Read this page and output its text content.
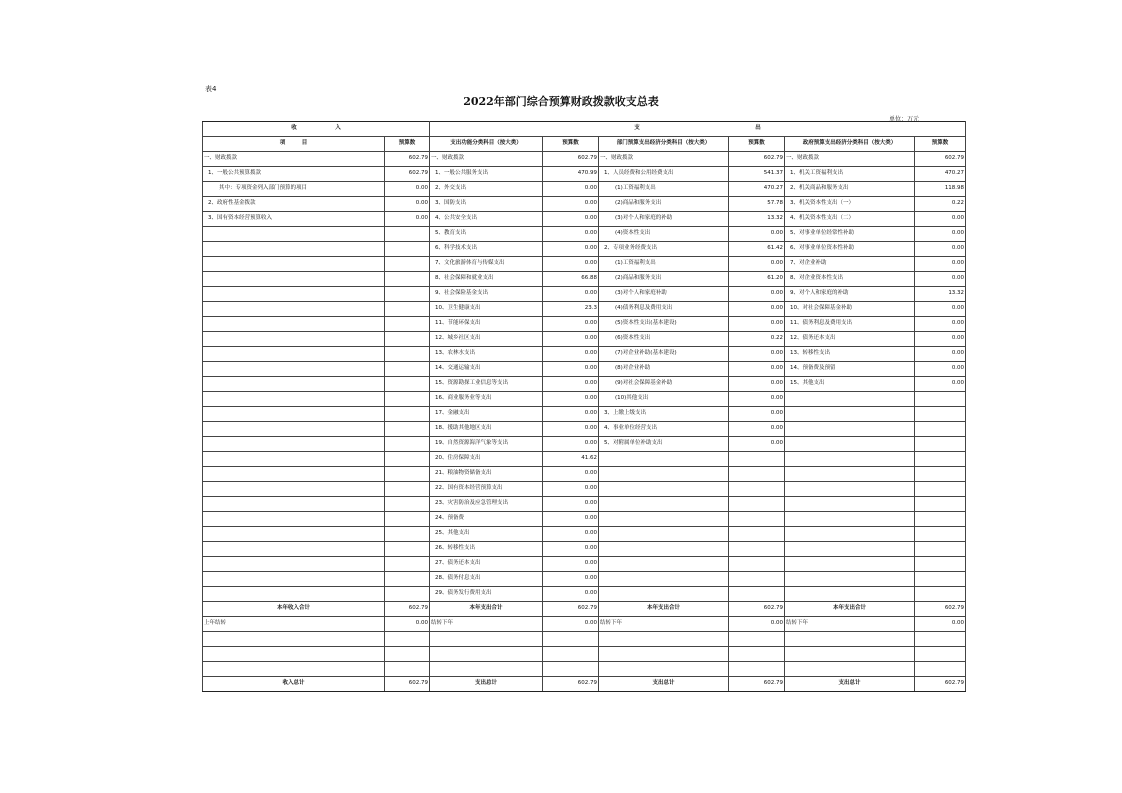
表4
2022年部门综合预算财政拨款收支总表
单位：万元
收　　　　　　　入		支　　　　　　　　　　　　　　　　　　　　　出					
项　　　目	预算数	支出功能分类科目（按大类）	预算数	部门预算支出经济分类科目（按大类）	预算数	政府预算支出经济分类科目（按大类）	预算数
一、财政拨款	602.79	一、财政拨款	602.79	一、财政拨款	602.79	一、财政拨款	602.79
1、一般公共预算拨款	602.79	1、一般公共服务支出	470.99	1、人员经费和公用经费支出	541.37	1、机关工资福利支出	470.27
其中：专项资金列入部门预算的项目	0.00	2、外交支出	0.00	(1)工资福利支出	470.27	2、机关商品和服务支出	118.98
2、政府性基金拨款	0.00	3、国防支出	0.00	(2)商品和服务支出	57.78	3、机关资本性支出（一）	0.22
3、国有资本经营预算收入	0.00	4、公共安全支出	0.00	(3)对个人和家庭的补助	13.32	4、机关资本性支出（二）	0.00
		5、教育支出	0.00	(4)资本性支出	0.00	5、对事业单位经常性补助	0.00
		6、科学技术支出	0.00	2、专项业务经费支出	61.42	6、对事业单位资本性补助	0.00
		7、文化旅游体育与传媒支出	0.00	(1)工资福利支出	0.00	7、对企业补助	0.00
		8、社会保障和就业支出	66.88	(2)商品和服务支出	61.20	8、对企业资本性支出	0.00
		9、社会保险基金支出	0.00	(3)对个人和家庭补助	0.00	9、对个人和家庭的补助	13.32
		10、卫生健康支出	23.3	(4)债务利息及费用支出	0.00	10、对社会保障基金补助	0.00
		11、节能环保支出	0.00	(5)资本性支出(基本建设)	0.00	11、债务利息及费用支出	0.00
		12、城乡社区支出	0.00	(6)资本性支出	0.22	12、债务还本支出	0.00
		13、农林水支出	0.00	(7)对企业补助(基本建设)	0.00	13、转移性支出	0.00
		14、交通运输支出	0.00	(8)对企业补助	0.00	14、预备费及预留	0.00
		15、资源勘探工业信息等支出	0.00	(9)对社会保障基金补助	0.00	15、其他支出	0.00
		16、商业服务业等支出	0.00	(10)其他支出	0.00		
		17、金融支出	0.00	3、上缴上级支出	0.00		
		18、援助其他地区支出	0.00	4、事业单位经营支出	0.00		
		19、自然资源海洋气象等支出	0.00	5、对附属单位补助支出	0.00		
		20、住房保障支出	41.62				
		21、粮油物资储备支出	0.00				
		22、国有资本经营预算支出	0.00				
		23、灾害防治及应急管理支出	0.00				
		24、预备费	0.00				
		25、其他支出	0.00				
		26、转移性支出	0.00				
		27、债务还本支出	0.00				
		28、债务付息支出	0.00				
		29、债务发行费用支出	0.00				
本年收入合计	602.79	本年支出合计	602.79	本年支出合计	602.79	本年支出合计	602.79
上年结转	0.00	结转下年	0.00	结转下年	0.00	结转下年	0.00

收入总计	602.79	支出总计	602.79	支出总计	602.79	支出总计	602.79
